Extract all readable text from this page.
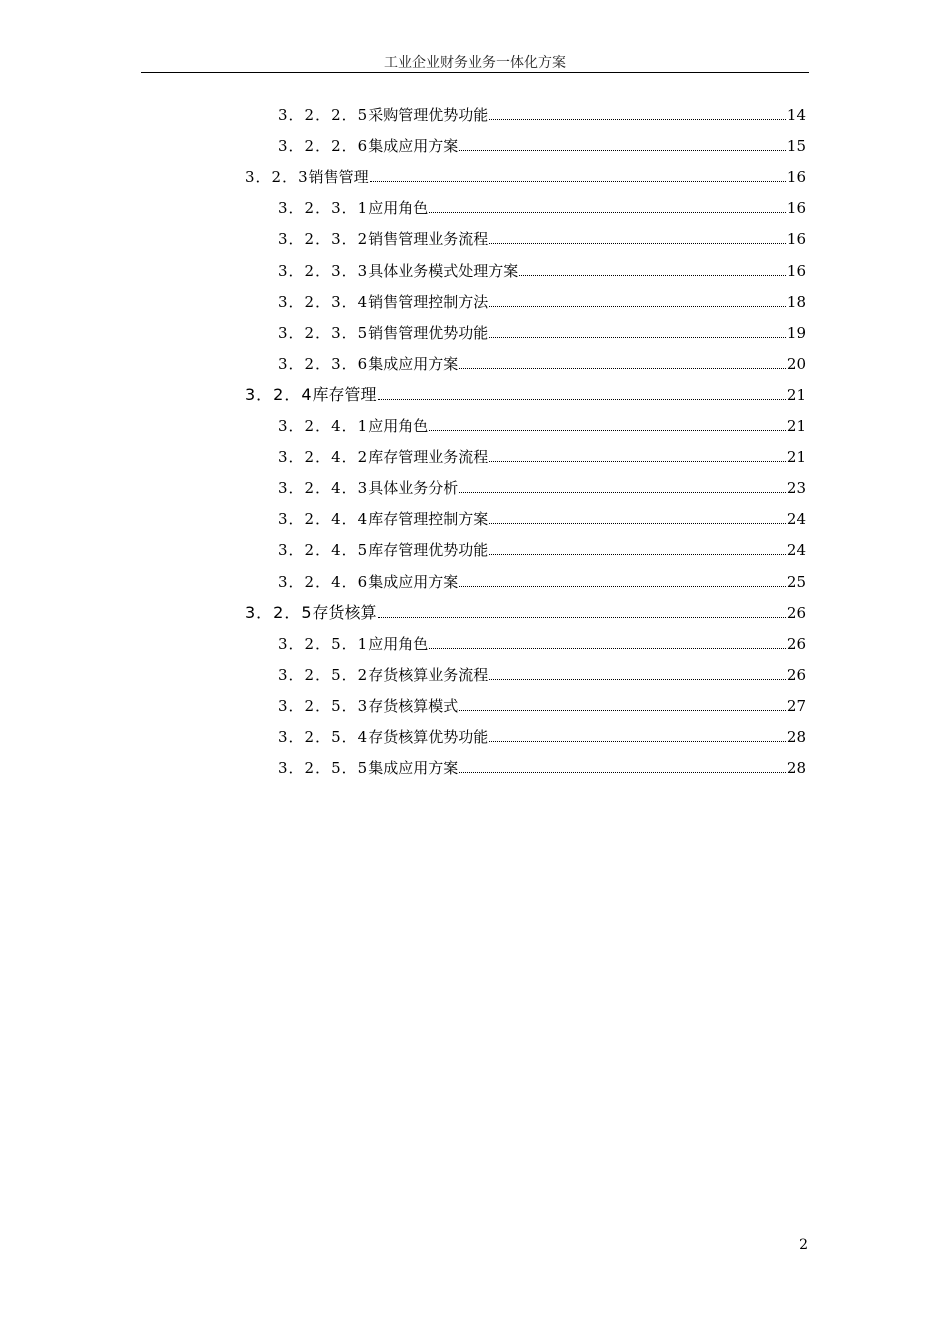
工业企业财务业务一体化方案
3．2．2．5 采购管理优势功能	14
3．2．2．6 集成应用方案	15
3．2．3 销售管理	16
3．2．3．1 应用角色	16
3．2．3．2 销售管理业务流程	16
3．2．3．3 具体业务模式处理方案	16
3．2．3．4 销售管理控制方法	18
3．2．3．5 销售管理优势功能	19
3．2．3．6 集成应用方案	20
3．2．4 库存管理	21
3．2．4．1 应用角色	21
3．2．4．2 库存管理业务流程	21
3．2．4．3 具体业务分析	23
3．2．4．4 库存管理控制方案	24
3．2．4．5 库存管理优势功能	24
3．2．4．6 集成应用方案	25
3．2．5 存货核算	26
3．2．5．1 应用角色	26
3．2．5．2 存货核算业务流程	26
3．2．5．3 存货核算模式	27
3．2．5．4 存货核算优势功能	28
3．2．5．5 集成应用方案	28
2
